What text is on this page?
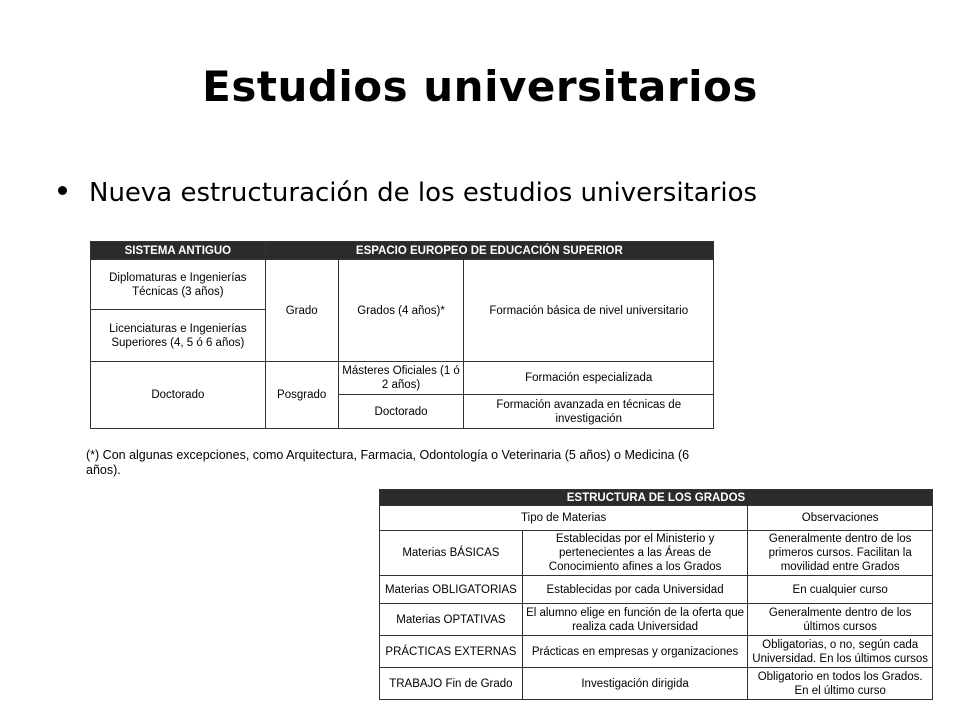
Estudios universitarios
Nueva estructuración de los estudios universitarios
SISTEMA ANTIGUO	ESPACIO EUROPEO DE EDUCACIÓN SUPERIOR		
Diplomaturas e Ingenierías Técnicas (3 años)	Grado	Grados (4 años)*	Formación básica de nivel universitario
Licenciaturas e Ingenierías Superiores (4, 5 ó 6 años)			
Doctorado	Posgrado	Másteres Oficiales (1 ó 2 años)	Formación especializada
		Doctorado	Formación avanzada en técnicas de investigación
(*) Con algunas excepciones, como Arquitectura, Farmacia, Odontología o Veterinaria (5 años) o Medicina (6 años).
ESTRUCTURA DE LOS GRADOS		
Tipo de Materias		Observaciones
Materias BÁSICAS	Establecidas por el Ministerio y pertenecientes a las Áreas de Conocimiento afines a los Grados	Generalmente dentro de los primeros cursos. Facilitan la movilidad entre Grados
Materias OBLIGATORIAS	Establecidas por cada Universidad	En cualquier curso
Materias OPTATIVAS	El alumno elige en función de la oferta que realiza cada Universidad	Generalmente dentro de los últimos cursos
PRÁCTICAS EXTERNAS	Prácticas en empresas y organizaciones	Obligatorias, o no, según cada Universidad. En los últimos cursos
TRABAJO Fin de Grado	Investigación dirigida	Obligatorio en todos los Grados. En el último curso
